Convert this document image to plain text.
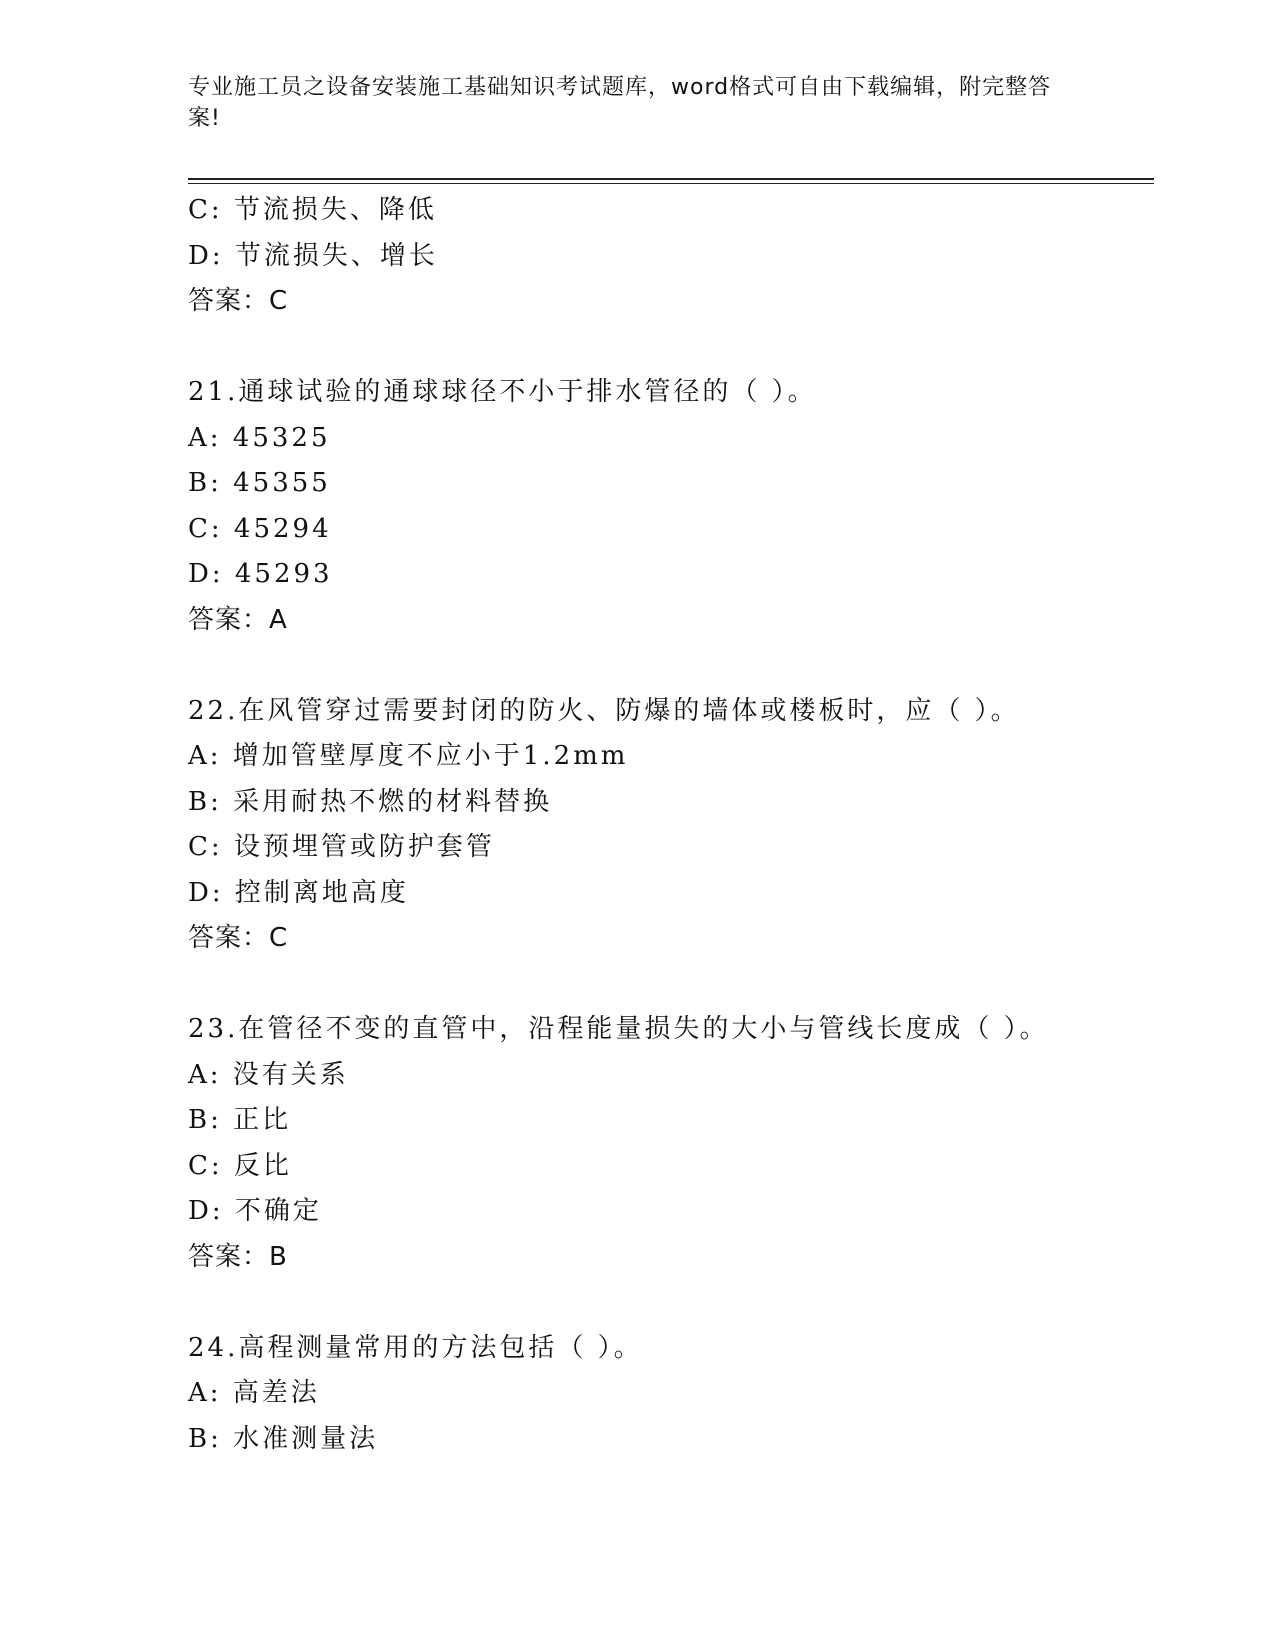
专业施工员之设备安装施工基础知识考试题库，word格式可自由下载编辑，附完整答案!
C: 节流损失、降低
D: 节流损失、增长
答案：C
21.通球试验的通球球径不小于排水管径的（ ）。
A: 45325
B: 45355
C: 45294
D: 45293
答案：A
22.在风管穿过需要封闭的防火、防爆的墙体或楼板时，应（ ）。
A: 增加管壁厚度不应小于1.2mm
B: 采用耐热不燃的材料替换
C: 设预埋管或防护套管
D: 控制离地高度
答案：C
23.在管径不变的直管中，沿程能量损失的大小与管线长度成（ ）。
A: 没有关系
B: 正比
C: 反比
D: 不确定
答案：B
24.高程测量常用的方法包括（ ）。
A: 高差法
B: 水准测量法
